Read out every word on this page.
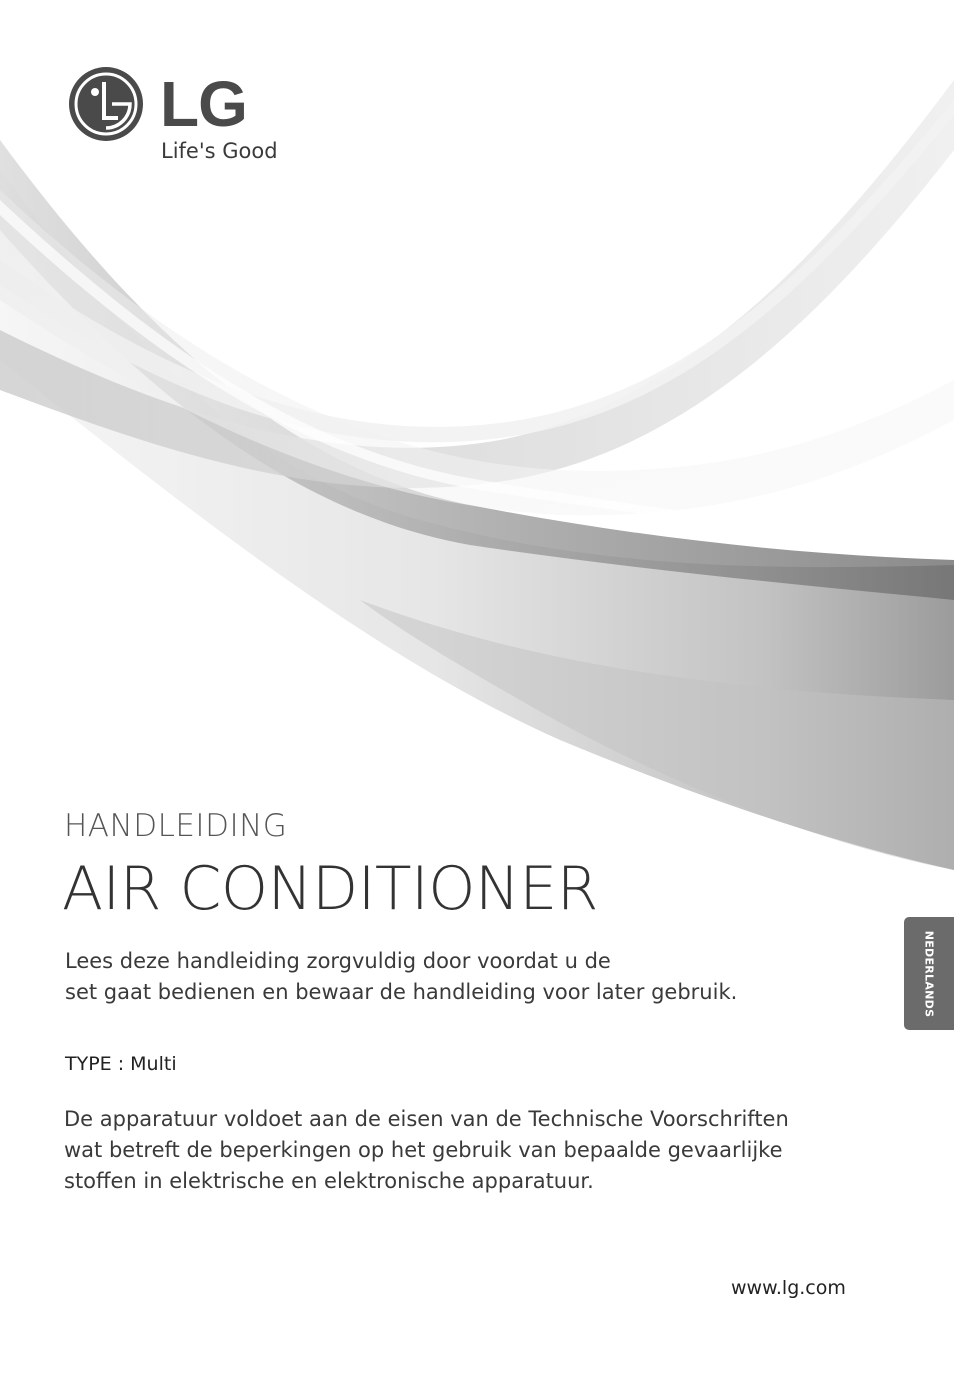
LG
Life's Good
HANDLEIDING
AIR CONDITIONER
Lees deze handleiding zorgvuldig door voordat u de
set gaat bedienen en bewaar de handleiding voor later gebruik.
TYPE : Multi
De apparatuur voldoet aan de eisen van de Technische Voorschriften
wat betreft de beperkingen op het gebruik van bepaalde gevaarlijke
stoffen in elektrische en elektronische apparatuur.
www.lg.com
NEDERLANDS
